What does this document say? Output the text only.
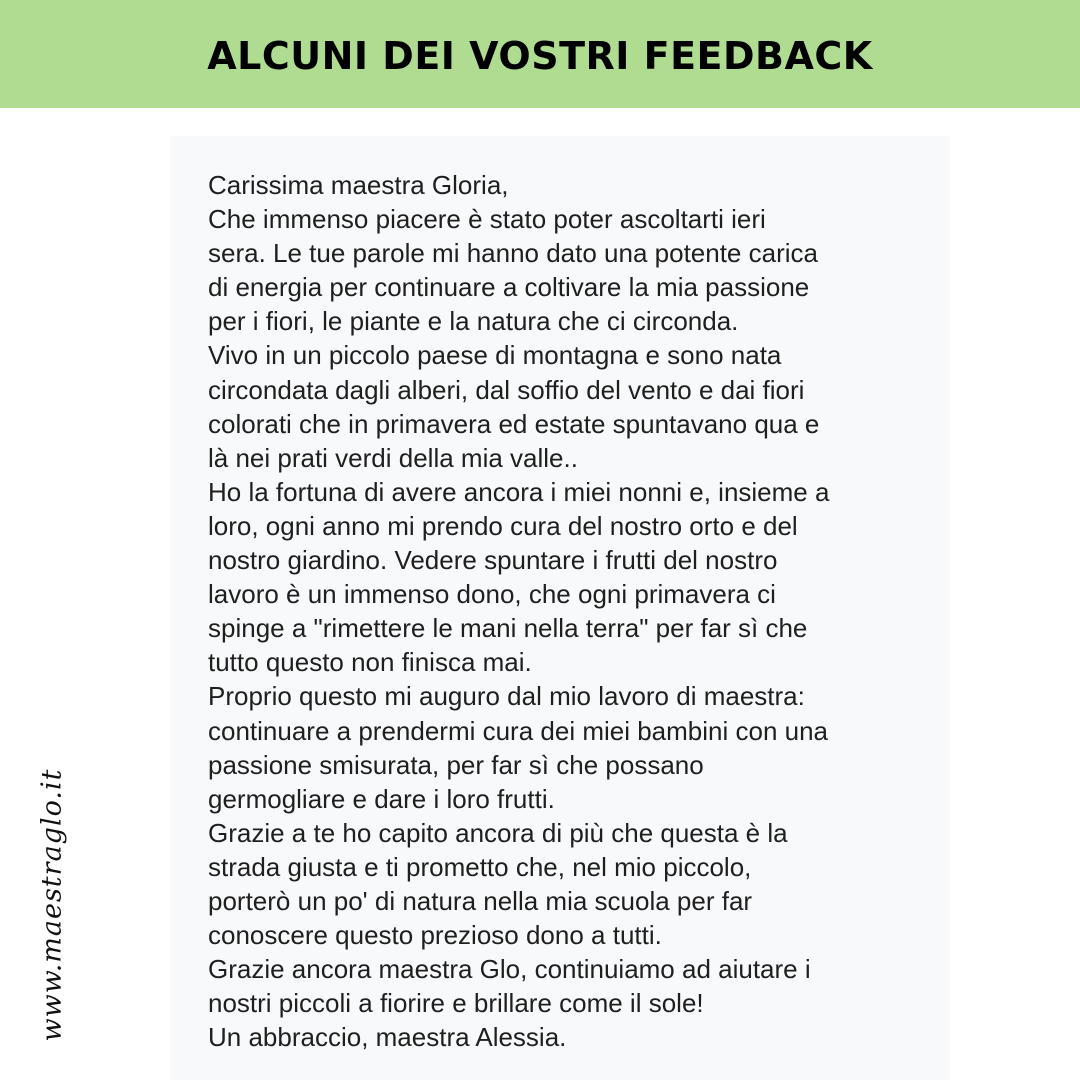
ALCUNI DEI VOSTRI FEEDBACK
Carissima maestra Gloria,
Che immenso piacere è stato poter ascoltarti ieri
sera. Le tue parole mi hanno dato una potente carica
di energia per continuare a coltivare la mia passione
per i fiori, le piante e la natura che ci circonda.
Vivo in un piccolo paese di montagna e sono nata
circondata dagli alberi, dal soffio del vento e dai fiori
colorati che in primavera ed estate spuntavano qua e
là nei prati verdi della mia valle..
Ho la fortuna di avere ancora i miei nonni e, insieme a
loro, ogni anno mi prendo cura del nostro orto e del
nostro giardino. Vedere spuntare i frutti del nostro
lavoro è un immenso dono, che ogni primavera ci
spinge a "rimettere le mani nella terra" per far sì che
tutto questo non finisca mai.
Proprio questo mi auguro dal mio lavoro di maestra:
continuare a prendermi cura dei miei bambini con una
passione smisurata, per far sì che possano
germogliare e dare i loro frutti.
Grazie a te ho capito ancora di più che questa è la
strada giusta e ti prometto che, nel mio piccolo,
porterò un po' di natura nella mia scuola per far
conoscere questo prezioso dono a tutti.
Grazie ancora maestra Glo, continuiamo ad aiutare i
nostri piccoli a fiorire e brillare come il sole!
Un abbraccio, maestra Alessia.
www.maestraglo.it
